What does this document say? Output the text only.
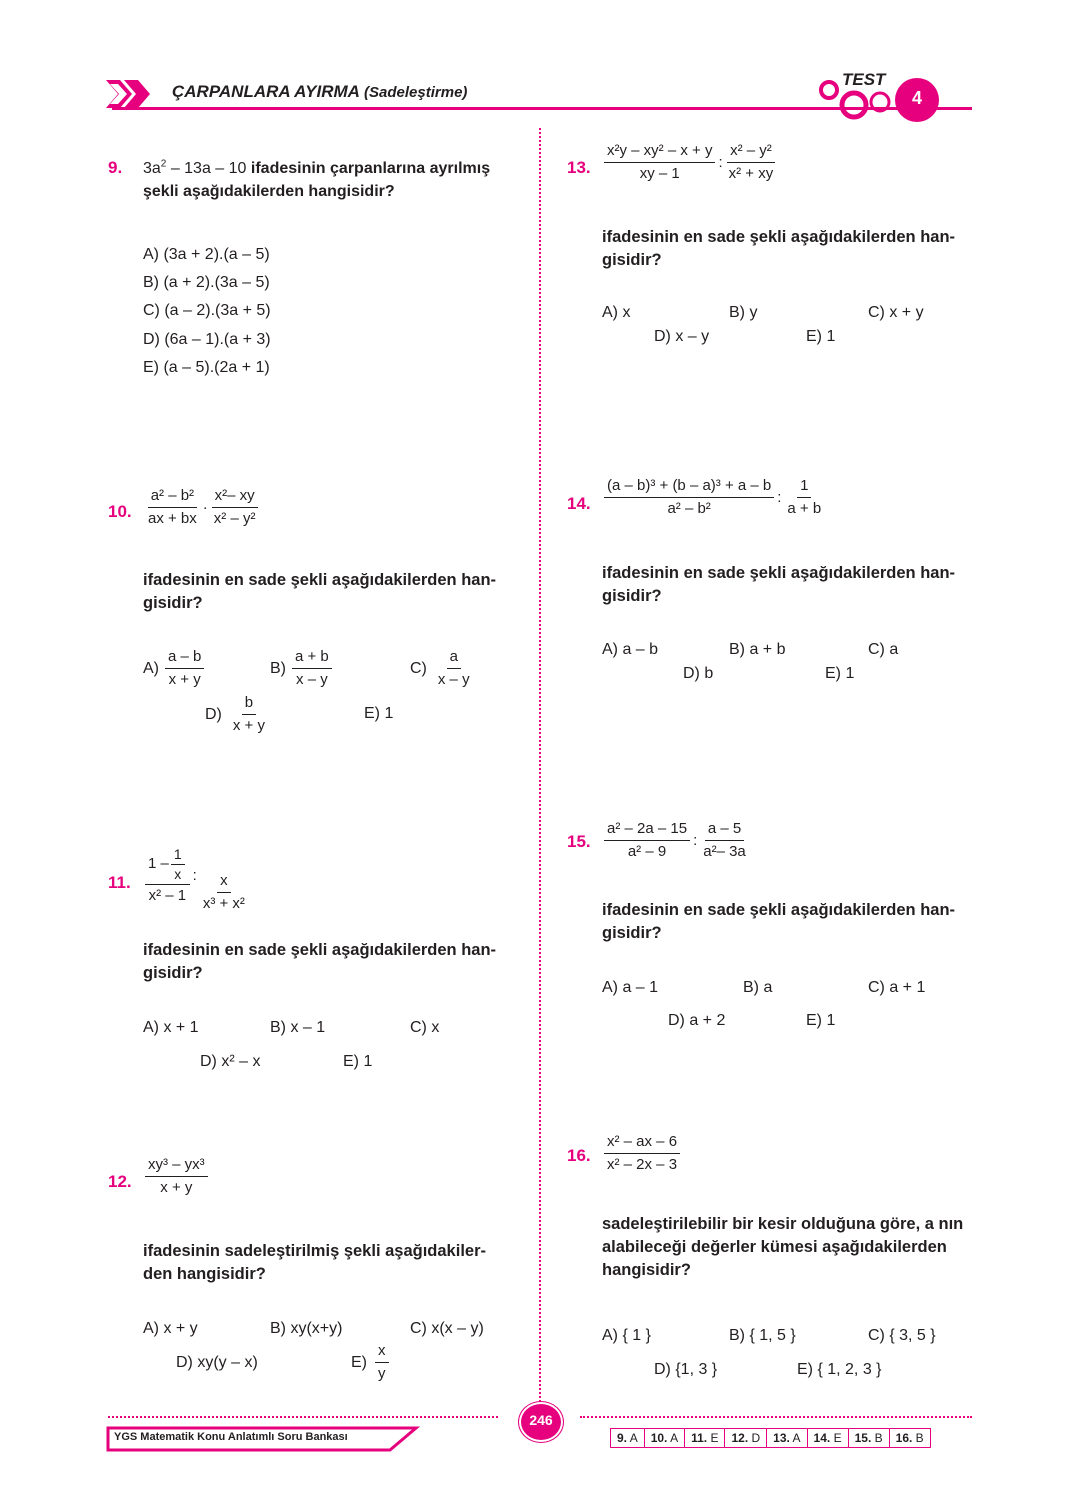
ÇARPANLARA AYIRMA (Sadeleştirme)
TEST
4
9. $3a^2 - 13a - 10$ ifadesinin çarpanlarına ayrılmış
şekli aşağıdakilerden hangisidir?
A) (3a + 2).(a – 5)
B) (a + 2).(3a – 5)
C) (a – 2).(3a + 5)
D) (6a – 1).(a + 3)
E) (a – 5).(2a + 1)
10. $\frac{\text{a² – b²}}{ax + bx} \cdot \frac{\text{x²– xy}}{\text{x² – y²}}$
ifadesinin en sade şekli aşağıdakilerden han-
gisidir?
$A) \frac{a - b}{x + y}$	$B) \frac{a + b}{x - y}$	$C) \frac{a}{x - y}$
$D) \frac{b}{x + y}$	E) 1
11. $\frac{1 - \frac{1}{x}}{\text{x² – 1}}$ : $\frac{x}{\text{x³ + x²}}$
ifadesinin en sade şekli aşağıdakilerden han-
gisidir?
A) x + 1	B) x – 1	C) x
D) x² – x	E) 1
12. $\frac{\text{xy³ – yx³}}{x + y}$
ifadesinin sadeleştirilmiş şekli aşağıdakiler-
den hangisidir?
A) x + y	B) xy(x+y)	C) x(x – y)
D) xy(y – x)	$E) \frac{x}{y}$
13. $\frac{\text{x²y – xy² – x + y}}{xy - 1}$ : $\frac{\text{x² – y²}}{\text{x² + xy}}$
ifadesinin en sade şekli aşağıdakilerden han-
gisidir?
A) x	B) y	C) x + y
D) x – y	E) 1
14. $\frac{\text{(a – b)³ + (b – a)³ + a – b}}{\text{a² – b²}}$ : $\frac{1}{a + b}$
ifadesinin en sade şekli aşağıdakilerden han-
gisidir?
A) a – b	B) a + b	C) a
D) b	E) 1
15. $\frac{\text{a² – 2a – 15}}{\text{a² – 9}}$ : $\frac{a - 5}{\text{a²– 3a}}$
ifadesinin en sade şekli aşağıdakilerden han-
gisidir?
A) a – 1	B) a	C) a + 1
D) a + 2	E) 1
16. $\frac{\text{x² – ax – 6}}{\text{x² – 2x – 3}}$
sadeleştirilebilir bir kesir olduğuna göre, a nın
alabileceği değerler kümesi aşağıdakilerden
hangisidir?
A) { 1 }	B) { 1, 5 }	C) { 3, 5 }
D) {1, 3 }	E) { 1, 2, 3 }
YGS Matematik Konu Anlatımlı Soru Bankası
246
9. A	10. A	11. E	12. D	13. A	14. E	15. B	16. B
